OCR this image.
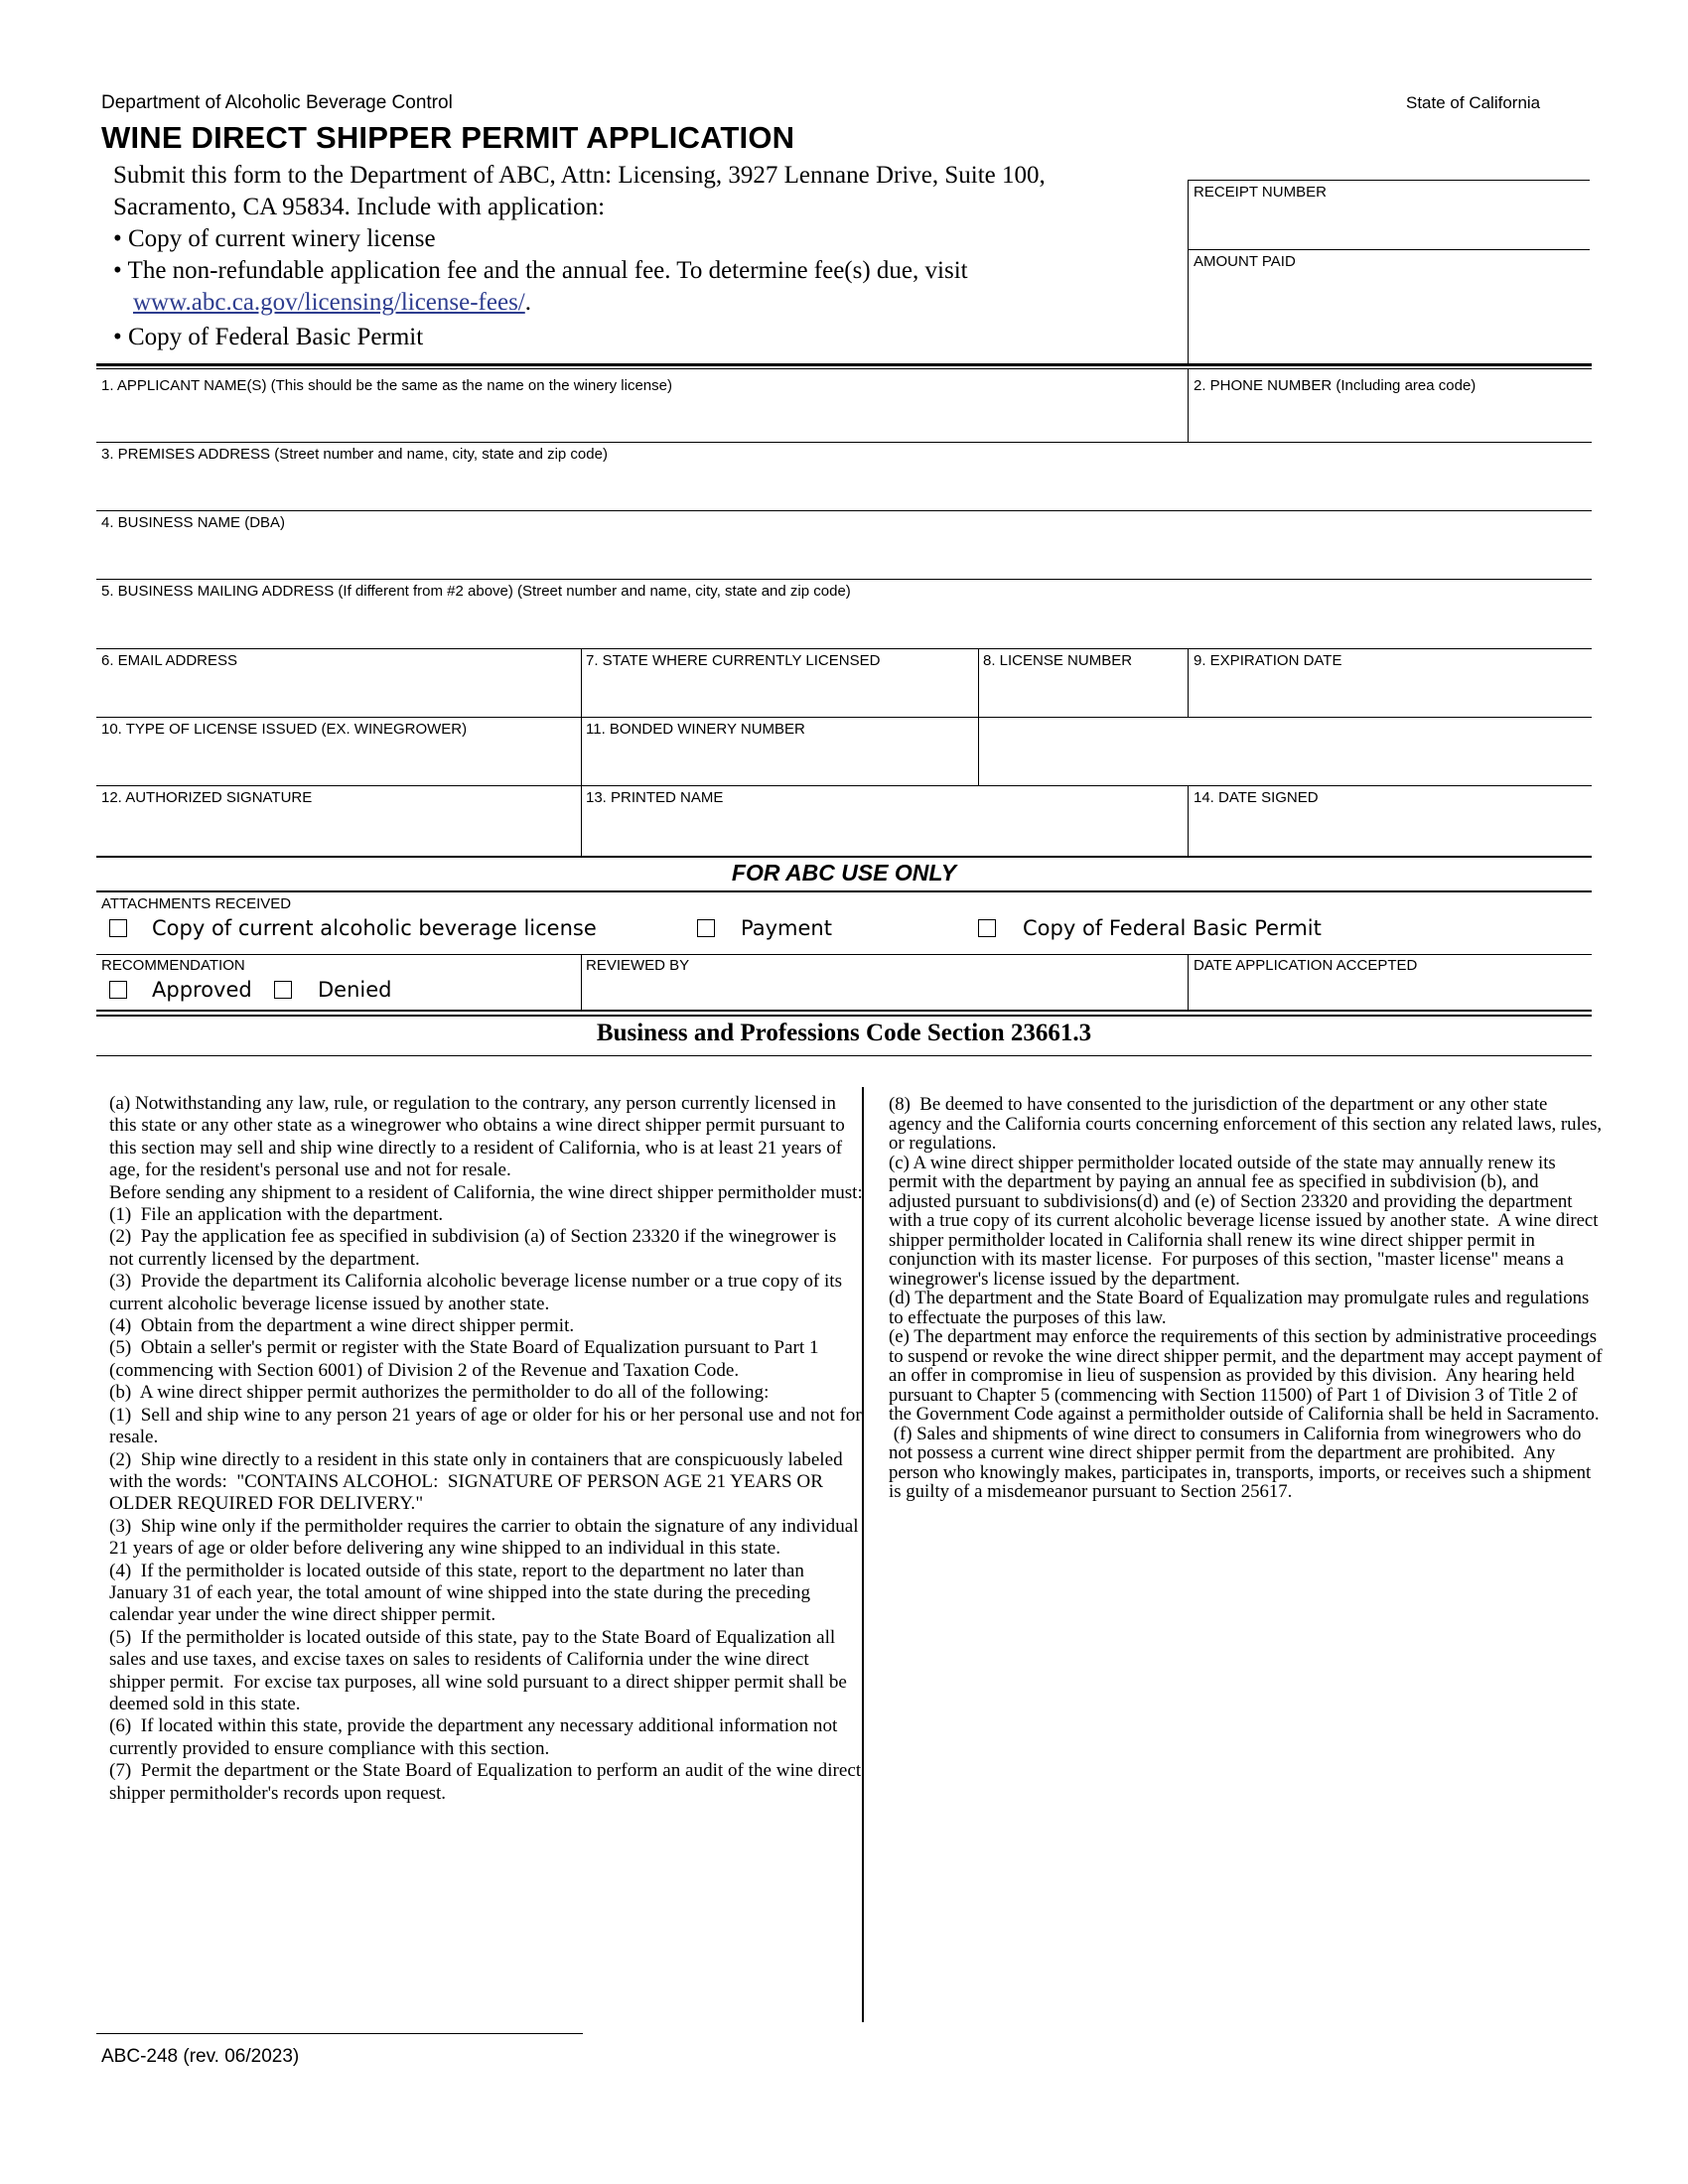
Department of Alcoholic Beverage Control	State of California
WINE DIRECT SHIPPER PERMIT APPLICATION
Submit this form to the Department of ABC, Attn: Licensing, 3927 Lennane Drive, Suite 100,
Sacramento, CA 95834. Include with application:
• Copy of current winery license
• The non-refundable application fee and the annual fee. To determine fee(s) due, visit
www.abc.ca.gov/licensing/license-fees/.
• Copy of Federal Basic Permit
RECEIPT NUMBER
AMOUNT PAID
1. APPLICANT NAME(S) (This should be the same as the name on the winery license)	2. PHONE NUMBER (Including area code)
3. PREMISES ADDRESS (Street number and name, city, state and zip code)
4. BUSINESS NAME (DBA)
5. BUSINESS MAILING ADDRESS (If different from #2 above) (Street number and name, city, state and zip code)
6. EMAIL ADDRESS	7. STATE WHERE CURRENTLY LICENSED	8. LICENSE NUMBER	9. EXPIRATION DATE
10. TYPE OF LICENSE ISSUED (EX. WINEGROWER)	11. BONDED WINERY NUMBER
12. AUTHORIZED SIGNATURE	13. PRINTED NAME	14. DATE SIGNED
FOR ABC USE ONLY
ATTACHMENTS RECEIVED
Copy of current alcoholic beverage license	Payment	Copy of Federal Basic Permit
RECOMMENDATION
Approved	Denied
REVIEWED BY	DATE APPLICATION ACCEPTED
Business and Professions Code Section 23661.3

(a) Notwithstanding any law, rule, or regulation to the contrary, any person currently licensed in this state or any other state as a winegrower who obtains a wine direct shipper permit pursuant to this section may sell and ship wine directly to a resident of California, who is at least 21 years of age, for the resident's personal use and not for resale.

Before sending any shipment to a resident of California, the wine direct shipper permitholder must:

(1)  File an application with the department.

(2)  Pay the application fee as specified in subdivision (a) of Section 23320 if the winegrower is not currently licensed by the department.

(3)  Provide the department its California alcoholic beverage license number or a true copy of its current alcoholic beverage license issued by another state.

(4)  Obtain from the department a wine direct shipper permit.

(5)  Obtain a seller's permit or register with the State Board of Equalization pursuant to Part 1 (commencing with Section 6001) of Division 2 of the Revenue and Taxation Code.

(b)  A wine direct shipper permit authorizes the permitholder to do all of the following:

(1)  Sell and ship wine to any person 21 years of age or older for his or her personal use and not for resale.

(2)  Ship wine directly to a resident in this state only in containers that are conspicuously labeled with the words:  "CONTAINS ALCOHOL:  SIGNATURE OF PERSON AGE 21 YEARS OR OLDER REQUIRED FOR DELIVERY."

(3)  Ship wine only if the permitholder requires the carrier to obtain the signature of any individual 21 years of age or older before delivering any wine shipped to an individual in this state.

(4)  If the permitholder is located outside of this state, report to the department no later than January 31 of each year, the total amount of wine shipped into the state during the preceding calendar year under the wine direct shipper permit.

(5)  If the permitholder is located outside of this state, pay to the State Board of Equalization all sales and use taxes, and excise taxes on sales to residents of California under the wine direct shipper permit.  For excise tax purposes, all wine sold pursuant to a direct shipper permit shall be deemed sold in this state.

(6)  If located within this state, provide the department any necessary additional information not currently provided to ensure compliance with this section.

(7)  Permit the department or the State Board of Equalization to perform an audit of the wine direct shipper permitholder's records upon request.

(8)  Be deemed to have consented to the jurisdiction of the department or any other state agency and the California courts concerning enforcement of this section any related laws, rules, or regulations.

(c) A wine direct shipper permitholder located outside of the state may annually renew its permit with the department by paying an annual fee as specified in subdivision (b), and adjusted pursuant to subdivisions(d) and (e) of Section 23320 and providing the department with a true copy of its current alcoholic beverage license issued by another state.  A wine direct shipper permitholder located in California shall renew its wine direct shipper permit in conjunction with its master license.  For purposes of this section, "master license" means a winegrower's license issued by the department.

(d) The department and the State Board of Equalization may promulgate rules and regulations to effectuate the purposes of this law.

(e) The department may enforce the requirements of this section by administrative proceedings to suspend or revoke the wine direct shipper permit, and the department may accept payment of an offer in compromise in lieu of suspension as provided by this division.  Any hearing held pursuant to Chapter 5 (commencing with Section 11500) of Part 1 of Division 3 of Title 2 of the Government Code against a permitholder outside of California shall be held in Sacramento.

(f) Sales and shipments of wine direct to consumers in California from winegrowers who do not possess a current wine direct shipper permit from the department are prohibited.  Any person who knowingly makes, participates in, transports, imports, or receives such a shipment is guilty of a misdemeanor pursuant to Section 25617.

ABC-248 (rev. 06/2023)
